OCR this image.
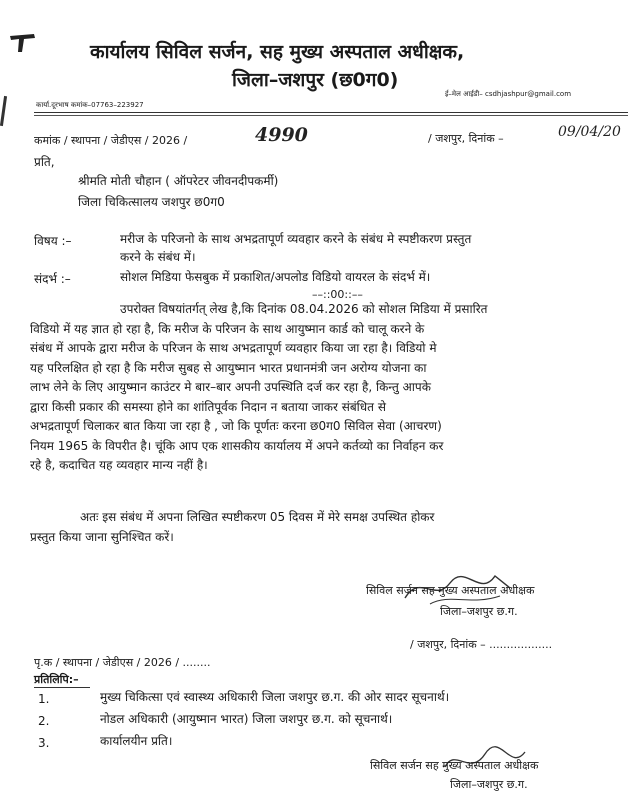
कार्यालय सिविल सर्जन, सह मुख्य अस्पताल अधीक्षक,
जिला–जशपुर (छ0ग0)
ई–मेल आईडी– csdhjashpur@gmail.com
कार्या.दूरभाष कमांक–07763–223927
कमांक / स्थापना / जेडीएस / 2026 /	4990	/ जशपुर, दिनांक –	09/04/20
प्रति,
श्रीमति मोती चौहान ( ऑपरेटर जीवनदीपकर्मी)
जिला चिकित्सालय जशपुर छ0ग0
विषय :–	मरीज के परिजनो के साथ अभद्रतापूर्ण व्यवहार करने के संबंध मे स्पष्टीकरण प्रस्तुत
करने के संबंध में।
संदर्भ :–	सोशल मिडिया फेसबुक में प्रकाशित/अपलोड विडियो वायरल के संदर्भ में।
––::00::––
उपरोक्त विषयांतर्गत् लेख है,कि दिनांक 08.04.2026 को सोशल मिडिया में प्रसारित
विडियो में यह ज्ञात हो रहा है, कि मरीज के परिजन के साथ आयुष्मान कार्ड को चालू करने के
संबंध में आपके द्वारा मरीज के परिजन के साथ अभद्रतापूर्ण व्यवहार किया जा रहा है। विडियो मे
यह परिलक्षित हो रहा है कि मरीज सुबह से आयुष्मान भारत प्रधानमंत्री जन अरोग्य योजना का
लाभ लेने के लिए आयुष्मान काउंटर मे बार–बार अपनी उपस्थिति दर्ज कर रहा है, किन्तु आपके
द्वारा किसी प्रकार की समस्या होने का शांतिपूर्वक निदान न बताया जाकर संबंधित से
अभद्रतापूर्ण चिलाकर बात किया जा रहा है , जो कि पूर्णतः करना छ0ग0 सिविल सेवा (आचरण)
नियम 1965 के विपरीत है। चूंकि आप एक शासकीय कार्यालय में अपने कर्तव्यो का निर्वाहन कर
रहे है, कदाचित यह व्यवहार मान्य नहीं है।
अतः इस संबंध में अपना लिखित स्पष्टीकरण 05 दिवस में मेरे समक्ष उपस्थित होकर
प्रस्तुत किया जाना सुनिश्चित करें।
सिविल सर्जन सह मुख्य अस्पताल अधीक्षक
जिला–जशपुर छ.ग.
/ जशपुर, दिनांक – ..................
पृ.क / स्थापना / जेडीएस / 2026 / ........
प्रतिलिपि:–
1.	मुख्य चिकित्सा एवं स्वास्थ्य अधिकारी जिला जशपुर छ.ग. की ओर सादर सूचनार्थ।
2.	नोडल अधिकारी (आयुष्मान भारत) जिला जशपुर छ.ग. को सूचनार्थ।
3.	कार्यालयीन प्रति।
सिविल सर्जन सह मुख्य अस्पताल अधीक्षक
जिला–जशपुर छ.ग.
